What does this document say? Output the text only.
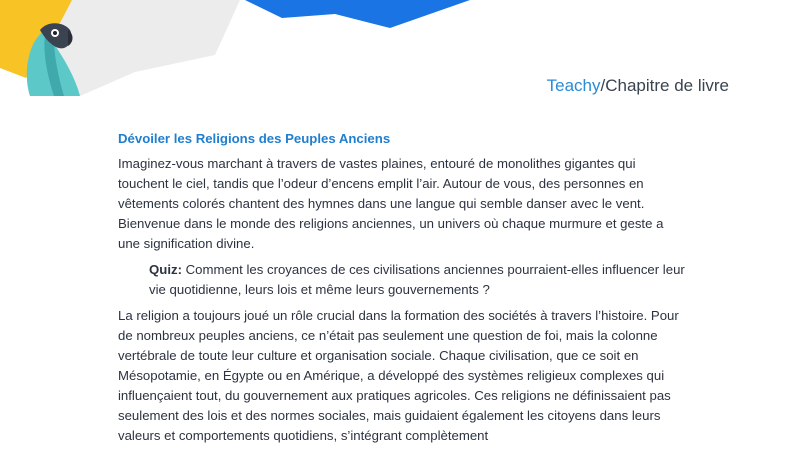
Teachy/Chapitre de livre
Dévoiler les Religions des Peuples Anciens

Imaginez-vous marchant à travers de vastes plaines, entouré de monolithes gigantes qui touchent le ciel, tandis que l’odeur d’encens emplit l’air. Autour de vous, des personnes en vêtements colorés chantent des hymnes dans une langue qui semble danser avec le vent. Bienvenue dans le monde des religions anciennes, un univers où chaque murmure et geste a une signification divine.

Quiz: Comment les croyances de ces civilisations anciennes pourraient-elles influencer leur vie quotidienne, leurs lois et même leurs gouvernements ?

La religion a toujours joué un rôle crucial dans la formation des sociétés à travers l’histoire. Pour de nombreux peuples anciens, ce n’était pas seulement une question de foi, mais la colonne vertébrale de toute leur culture et organisation sociale. Chaque civilisation, que ce soit en Mésopotamie, en Égypte ou en Amérique, a développé des systèmes religieux complexes qui influençaient tout, du gouvernement aux pratiques agricoles. Ces religions ne définissaient pas seulement des lois et des normes sociales, mais guidaient également les citoyens dans leurs valeurs et comportements quotidiens, s’intégrant complètement
